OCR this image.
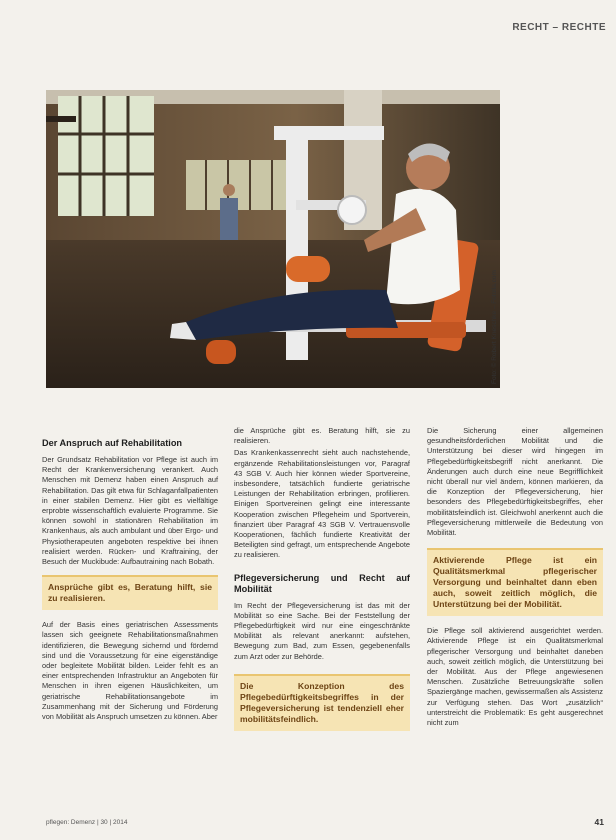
RECHT – RECHTE
Foto: © Robert Kneschke – Fotolia.com
Der Anspruch auf Rehabilitation

Der Grundsatz Rehabilitation vor Pflege ist auch im Recht der Krankenversicherung verankert. Auch Menschen mit Demenz haben einen Anspruch auf Rehabilitation. Das gilt etwa für Schlaganfallpatienten in einer stabilen Demenz. Hier gibt es vielfältige erprobte wissenschaftlich evaluierte Programme. Sie können sowohl in stationären Rehabilitation im Krankenhaus, als auch ambulant und über Ergo- und Physiotherapeuten angeboten respektive bei ihnen realisiert werden. Rücken- und Kraftraining, der Besuch der Muckibude: Aufbautraining nach Bobath.

Ansprüche gibt es, Beratung hilft, sie zu realisieren.

Auf der Basis eines geriatrischen Assessments lassen sich geeignete Rehabilitationsmaßnahmen identifizieren, die Bewegung sichernd und fördernd sind und die Voraussetzung für eine eigenständige oder begleitete Mobilität bilden. Leider fehlt es an einer entsprechenden Infrastruktur an Angeboten für Menschen in ihren eigenen Häuslichkeiten, um geriatrische Rehabilitationsangebote im Zusammenhang mit der Sicherung und Förderung von Mobilität als Anspruch umsetzen zu können. Aber

die Ansprüche gibt es. Beratung hilft, sie zu realisieren.

Das Krankenkassenrecht sieht auch nachstehende, ergänzende Rehabilitationsleistungen vor, Paragraf 43 SGB V. Auch hier können wieder Sportvereine, insbesondere, tatsächlich fundierte geriatrische Leistungen der Rehabilitation erbringen, profilieren. Einigen Sportvereinen gelingt eine interessante Kooperation zwischen Pflegeheim und Sportverein, finanziert über Paragraf 43 SGB V. Vertrauensvolle Kooperationen, fächlich fundierte Kreativität der Beteiligten sind gefragt, um entsprechende Angebote zu realisieren.

Pflegeversicherung und Recht auf Mobilität

Im Recht der Pflegeversicherung ist das mit der Mobilität so eine Sache. Bei der Feststellung der Pflegebedürftigkeit wird nur eine eingeschränkte Mobilität als relevant anerkannt: aufstehen, Bewegung zum Bad, zum Essen, gegebenenfalls zum Arzt oder zur Behörde.

Die Konzeption des Pflegebedürftigkeitsbegriffes in der Pflegeversicherung ist tendenziell eher mobilitätsfeindlich.

Die Sicherung einer allgemeinen gesundheitsförderlichen Mobilität und die Unterstützung bei dieser wird hingegen im Pflegebedürftigkeitsbegriff nicht anerkannt. Die Änderungen auch durch eine neue Begrifflichkeit nicht überall nur viel ändern, können markieren, da die Konzeption der Pflegeversicherung, hier besonders des Pflegebedürftigkeitsbegriffes, eher mobilitätsfeindlich ist. Gleichwohl anerkennt auch die Pflegeversicherung mittlerweile die Bedeutung von Mobilität.

Aktivierende Pflege ist ein Qualitätsmerkmal pflegerischer Versorgung und beinhaltet dann eben auch, soweit zeitlich möglich, die Unterstützung bei der Mobilität.

Die Pflege soll aktivierend ausgerichtet werden. Aktivierende Pflege ist ein Qualitätsmerkmal pflegerischer Versorgung und beinhaltet daneben auch, soweit zeitlich möglich, die Unterstützung bei der Mobilität. Aus der Pflege angewiesenen Menschen. Zusätzliche Betreuungskräfte sollen Spaziergänge machen, gewissermaßen als Assistenz zur Verfügung stehen. Das Wort „zusätzlich“ unterstreicht die Problematik: Es geht ausgerechnet nicht zum

pflegen: Demenz | 30 | 2014	41
